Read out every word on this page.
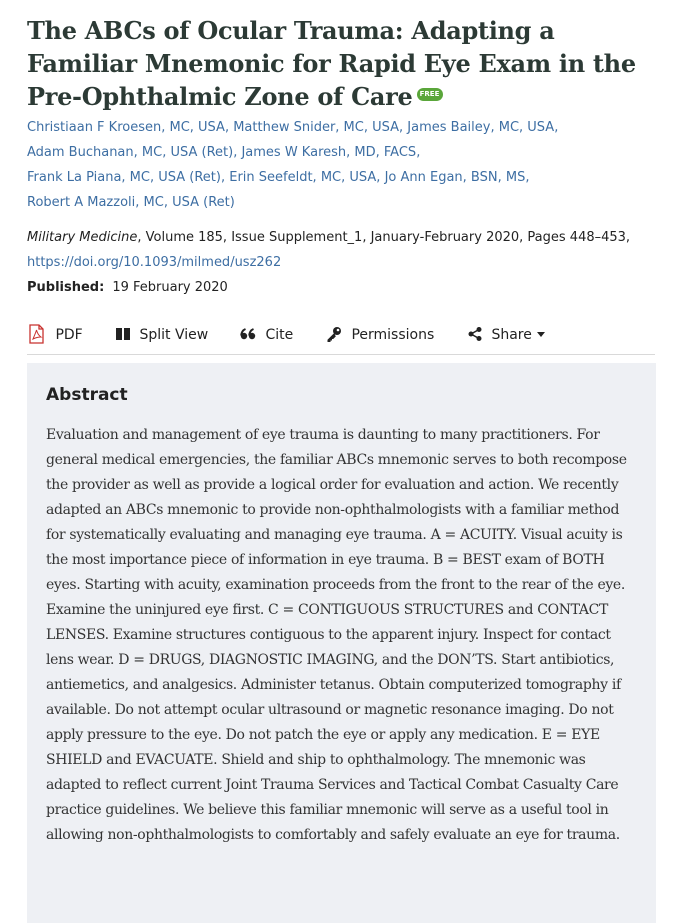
The ABCs of Ocular Trauma: Adapting a Familiar Mnemonic for Rapid Eye Exam in the Pre-Ophthalmic Zone of Care FREE
Christiaan F Kroesen, MC, USA, Matthew Snider, MC, USA, James Bailey, MC, USA,
Adam Buchanan, MC, USA (Ret), James W Karesh, MD, FACS,
Frank La Piana, MC, USA (Ret), Erin Seefeldt, MC, USA, Jo Ann Egan, BSN, MS,
Robert A Mazzoli, MC, USA (Ret)
Military Medicine, Volume 185, Issue Supplement_1, January-February 2020, Pages 448–453, https://doi.org/10.1093/milmed/usz262
Published: 19 February 2020
PDF	Split View	Cite	Permissions	Share
Abstract

Evaluation and management of eye trauma is daunting to many practitioners. For general medical emergencies, the familiar ABCs mnemonic serves to both recompose the provider as well as provide a logical order for evaluation and action. We recently adapted an ABCs mnemonic to provide non-ophthalmologists with a familiar method for systematically evaluating and managing eye trauma. A = ACUITY. Visual acuity is the most importance piece of information in eye trauma. B = BEST exam of BOTH eyes. Starting with acuity, examination proceeds from the front to the rear of the eye. Examine the uninjured eye first. C = CONTIGUOUS STRUCTURES and CONTACT LENSES. Examine structures contiguous to the apparent injury. Inspect for contact lens wear. D = DRUGS, DIAGNOSTIC IMAGING, and the DON’TS. Start antibiotics, antiemetics, and analgesics. Administer tetanus. Obtain computerized tomography if available. Do not attempt ocular ultrasound or magnetic resonance imaging. Do not apply pressure to the eye. Do not patch the eye or apply any medication. E = EYE SHIELD and EVACUATE. Shield and ship to ophthalmology. The mnemonic was adapted to reflect current Joint Trauma Services and Tactical Combat Casualty Care practice guidelines. We believe this familiar mnemonic will serve as a useful tool in allowing non-ophthalmologists to comfortably and safely evaluate an eye for trauma.
